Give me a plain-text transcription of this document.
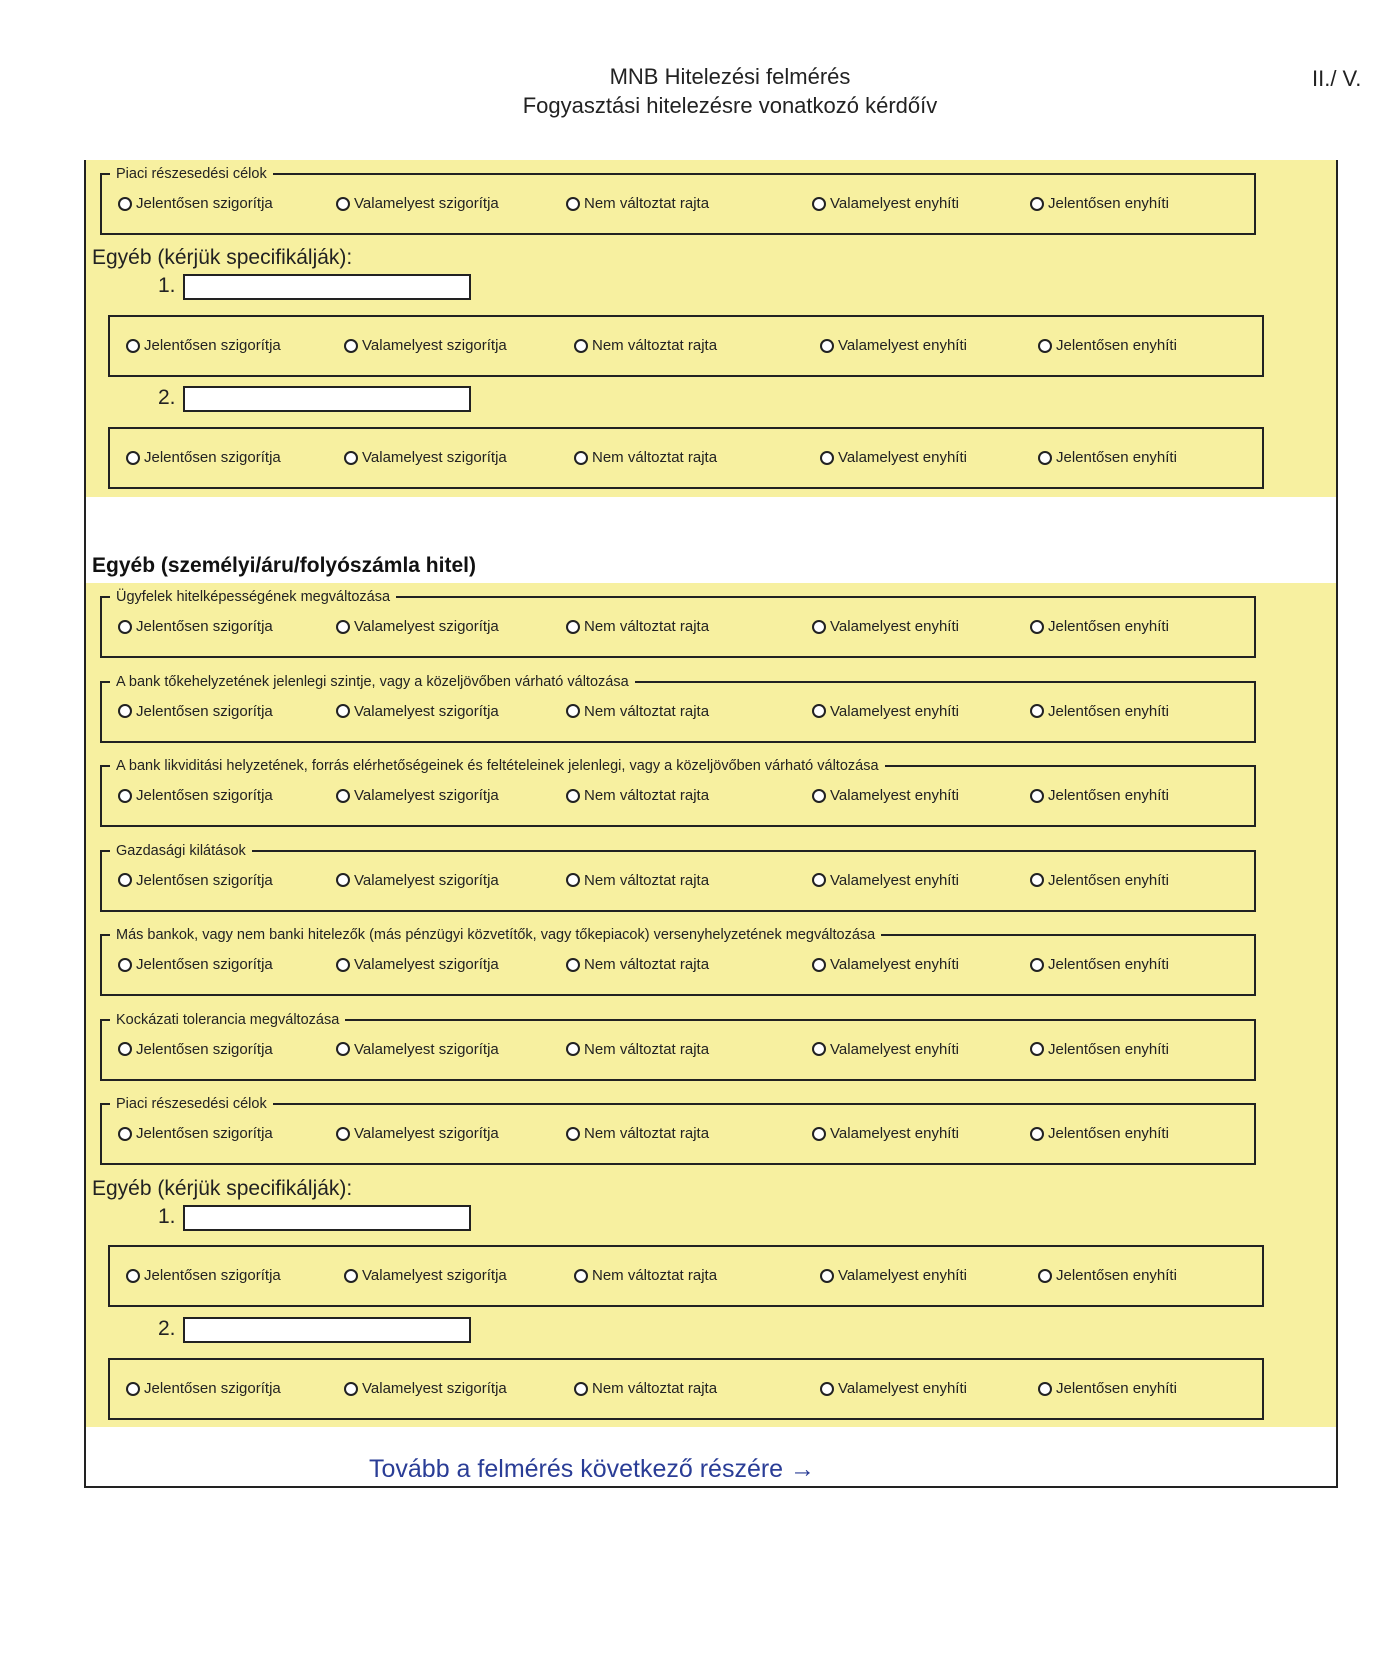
MNB Hitelezési felmérés
Fogyasztási hitelezésre vonatkozó kérdőív
II./ V.
Piaci részesedési célok
Jelentősen szigorítja	Valamelyest szigorítja	Nem változtat rajta	Valamelyest enyhíti	Jelentősen enyhíti
Egyéb (kérjük specifikálják):
1.
Jelentősen szigorítja	Valamelyest szigorítja	Nem változtat rajta	Valamelyest enyhíti	Jelentősen enyhíti
2.
Jelentősen szigorítja	Valamelyest szigorítja	Nem változtat rajta	Valamelyest enyhíti	Jelentősen enyhíti
Egyéb (személyi/áru/folyószámla hitel)
Ügyfelek hitelképességének megváltozása
Jelentősen szigorítja	Valamelyest szigorítja	Nem változtat rajta	Valamelyest enyhíti	Jelentősen enyhíti
A bank tőkehelyzetének jelenlegi szintje, vagy a közeljövőben várható változása
Jelentősen szigorítja	Valamelyest szigorítja	Nem változtat rajta	Valamelyest enyhíti	Jelentősen enyhíti
A bank likviditási helyzetének, forrás elérhetőségeinek és feltételeinek jelenlegi, vagy a közeljövőben várható változása
Jelentősen szigorítja	Valamelyest szigorítja	Nem változtat rajta	Valamelyest enyhíti	Jelentősen enyhíti
Gazdasági kilátások
Jelentősen szigorítja	Valamelyest szigorítja	Nem változtat rajta	Valamelyest enyhíti	Jelentősen enyhíti
Más bankok, vagy nem banki hitelezők (más pénzügyi közvetítők, vagy tőkepiacok) versenyhelyzetének megváltozása
Jelentősen szigorítja	Valamelyest szigorítja	Nem változtat rajta	Valamelyest enyhíti	Jelentősen enyhíti
Kockázati tolerancia megváltozása
Jelentősen szigorítja	Valamelyest szigorítja	Nem változtat rajta	Valamelyest enyhíti	Jelentősen enyhíti
Piaci részesedési célok
Jelentősen szigorítja	Valamelyest szigorítja	Nem változtat rajta	Valamelyest enyhíti	Jelentősen enyhíti
Egyéb (kérjük specifikálják):
1.
Jelentősen szigorítja	Valamelyest szigorítja	Nem változtat rajta	Valamelyest enyhíti	Jelentősen enyhíti
2.
Jelentősen szigorítja	Valamelyest szigorítja	Nem változtat rajta	Valamelyest enyhíti	Jelentősen enyhíti
Tovább a felmérés következő részére →
